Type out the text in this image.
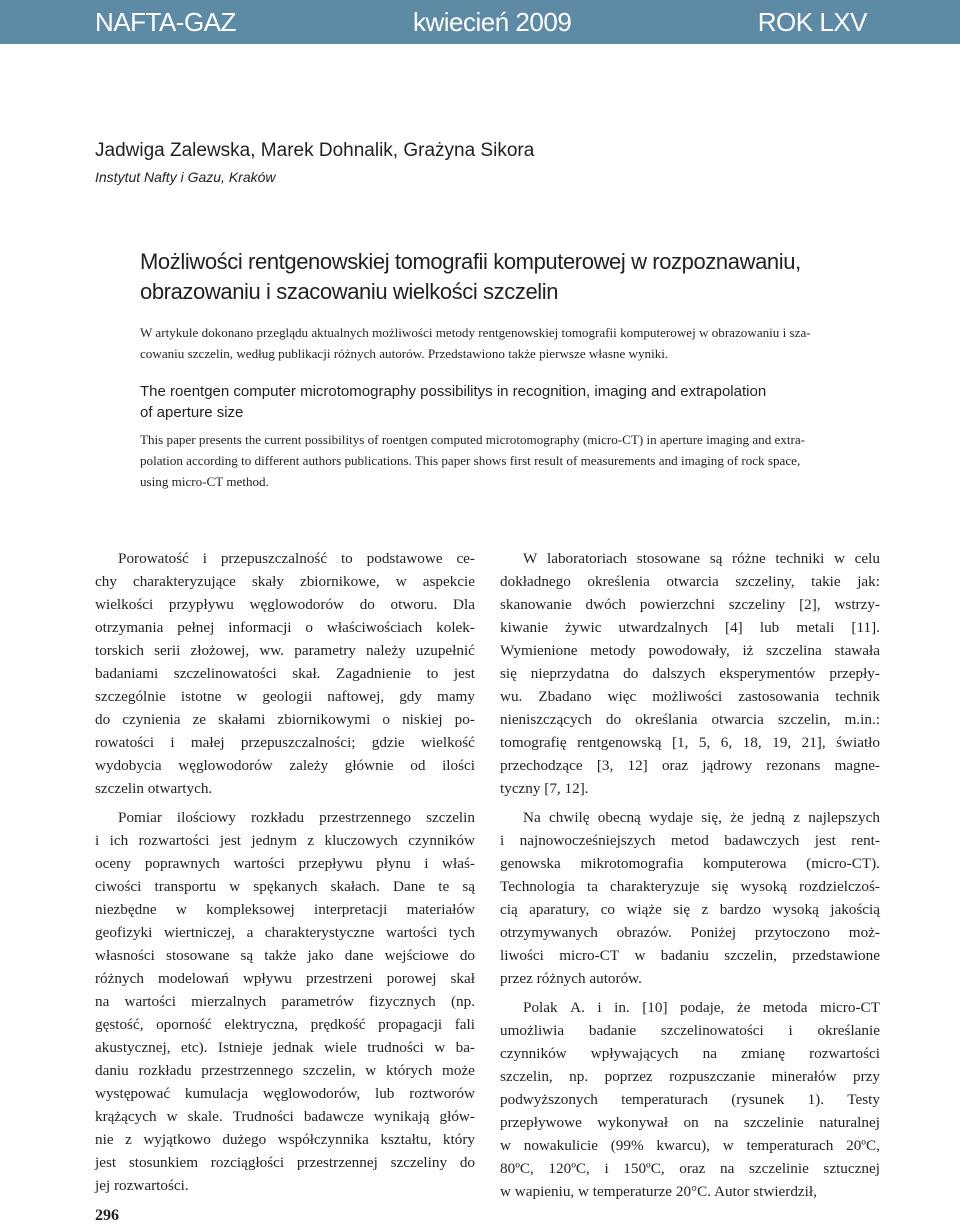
NAFTA-GAZ	kwiecień 2009	ROK LXV
Jadwiga Zalewska, Marek Dohnalik, Grażyna Sikora
Instytut Nafty i Gazu, Kraków
Możliwości rentgenowskiej tomografii komputerowej w rozpoznawaniu,
obrazowaniu i szacowaniu wielkości szczelin
W artykule dokonano przeglądu aktualnych możliwości metody rentgenowskiej tomografii komputerowej w obrazowaniu i sza-
cowaniu szczelin, według publikacji różnych autorów. Przedstawiono także pierwsze własne wyniki.
The roentgen computer microtomography possibilitys in recognition, imaging and extrapolation
of aperture size
This paper presents the current possibilitys of roentgen computed microtomography (micro-CT) in aperture imaging and extra-
polation according to different authors publications. This paper shows first result of measurements and imaging of rock space,
using micro-CT method.
Porowatość i przepuszczalność to podstawowe ce-
chy charakteryzujące skały zbiornikowe, w aspekcie
wielkości przypływu węglowodorów do otworu. Dla
otrzymania pełnej informacji o właściwościach kolek-
torskich serii złożowej, ww. parametry należy uzupełnić
badaniami szczelinowatości skał. Zagadnienie to jest
szczególnie istotne w geologii naftowej, gdy mamy
do czynienia ze skałami zbiornikowymi o niskiej po-
rowatości i małej przepuszczalności; gdzie wielkość
wydobycia węglowodorów zależy głównie od ilości
szczelin otwartych.
Pomiar ilościowy rozkładu przestrzennego szczelin
i ich rozwartości jest jednym z kluczowych czynników
oceny poprawnych wartości przepływu płynu i właś-
ciwości transportu w spękanych skałach. Dane te są
niezbędne w kompleksowej interpretacji materiałów
geofizyki wiertniczej, a charakterystyczne wartości tych
własności stosowane są także jako dane wejściowe do
różnych modelowań wpływu przestrzeni porowej skał
na wartości mierzalnych parametrów fizycznych (np.
gęstość, oporność elektryczna, prędkość propagacji fali
akustycznej, etc). Istnieje jednak wiele trudności w ba-
daniu rozkładu przestrzennego szczelin, w których może
występować kumulacja węglowodorów, lub roztworów
krążących w skale. Trudności badawcze wynikają głów-
nie z wyjątkowo dużego współczynnika kształtu, który
jest stosunkiem rozciągłości przestrzennej szczeliny do
jej rozwartości.
W laboratoriach stosowane są różne techniki w celu
dokładnego określenia otwarcia szczeliny, takie jak:
skanowanie dwóch powierzchni szczeliny [2], wstrzy-
kiwanie żywic utwardzalnych [4] lub metali [11].
Wymienione metody powodowały, iż szczelina stawała
się nieprzydatna do dalszych eksperymentów przepły-
wu. Zbadano więc możliwości zastosowania technik
nieniszczących do określania otwarcia szczelin, m.in.:
tomografię rentgenowską [1, 5, 6, 18, 19, 21], światło
przechodzące [3, 12] oraz jądrowy rezonans magne-
tyczny [7, 12].
Na chwilę obecną wydaje się, że jedną z najlepszych
i najnowocześniejszych metod badawczych jest rent-
genowska mikrotomografia komputerowa (micro-CT).
Technologia ta charakteryzuje się wysoką rozdzielczoś-
cią aparatury, co wiąże się z bardzo wysoką jakością
otrzymywanych obrazów. Poniżej przytoczono moż-
liwości micro-CT w badaniu szczelin, przedstawione
przez różnych autorów.
Polak A. i in. [10] podaje, że metoda micro-CT
umożliwia badanie szczelinowatości i określanie
czynników wpływających na zmianę rozwartości
szczelin, np. poprzez rozpuszczanie minerałów przy
podwyższonych temperaturach (rysunek 1). Testy
przepływowe wykonywał on na szczelinie naturalnej
w nowakulicie (99% kwarcu), w temperaturach 20ºC,
80ºC, 120ºC, i 150ºC, oraz na szczelinie sztucznej
w wapieniu, w temperaturze 20°C. Autor stwierdził,
296
